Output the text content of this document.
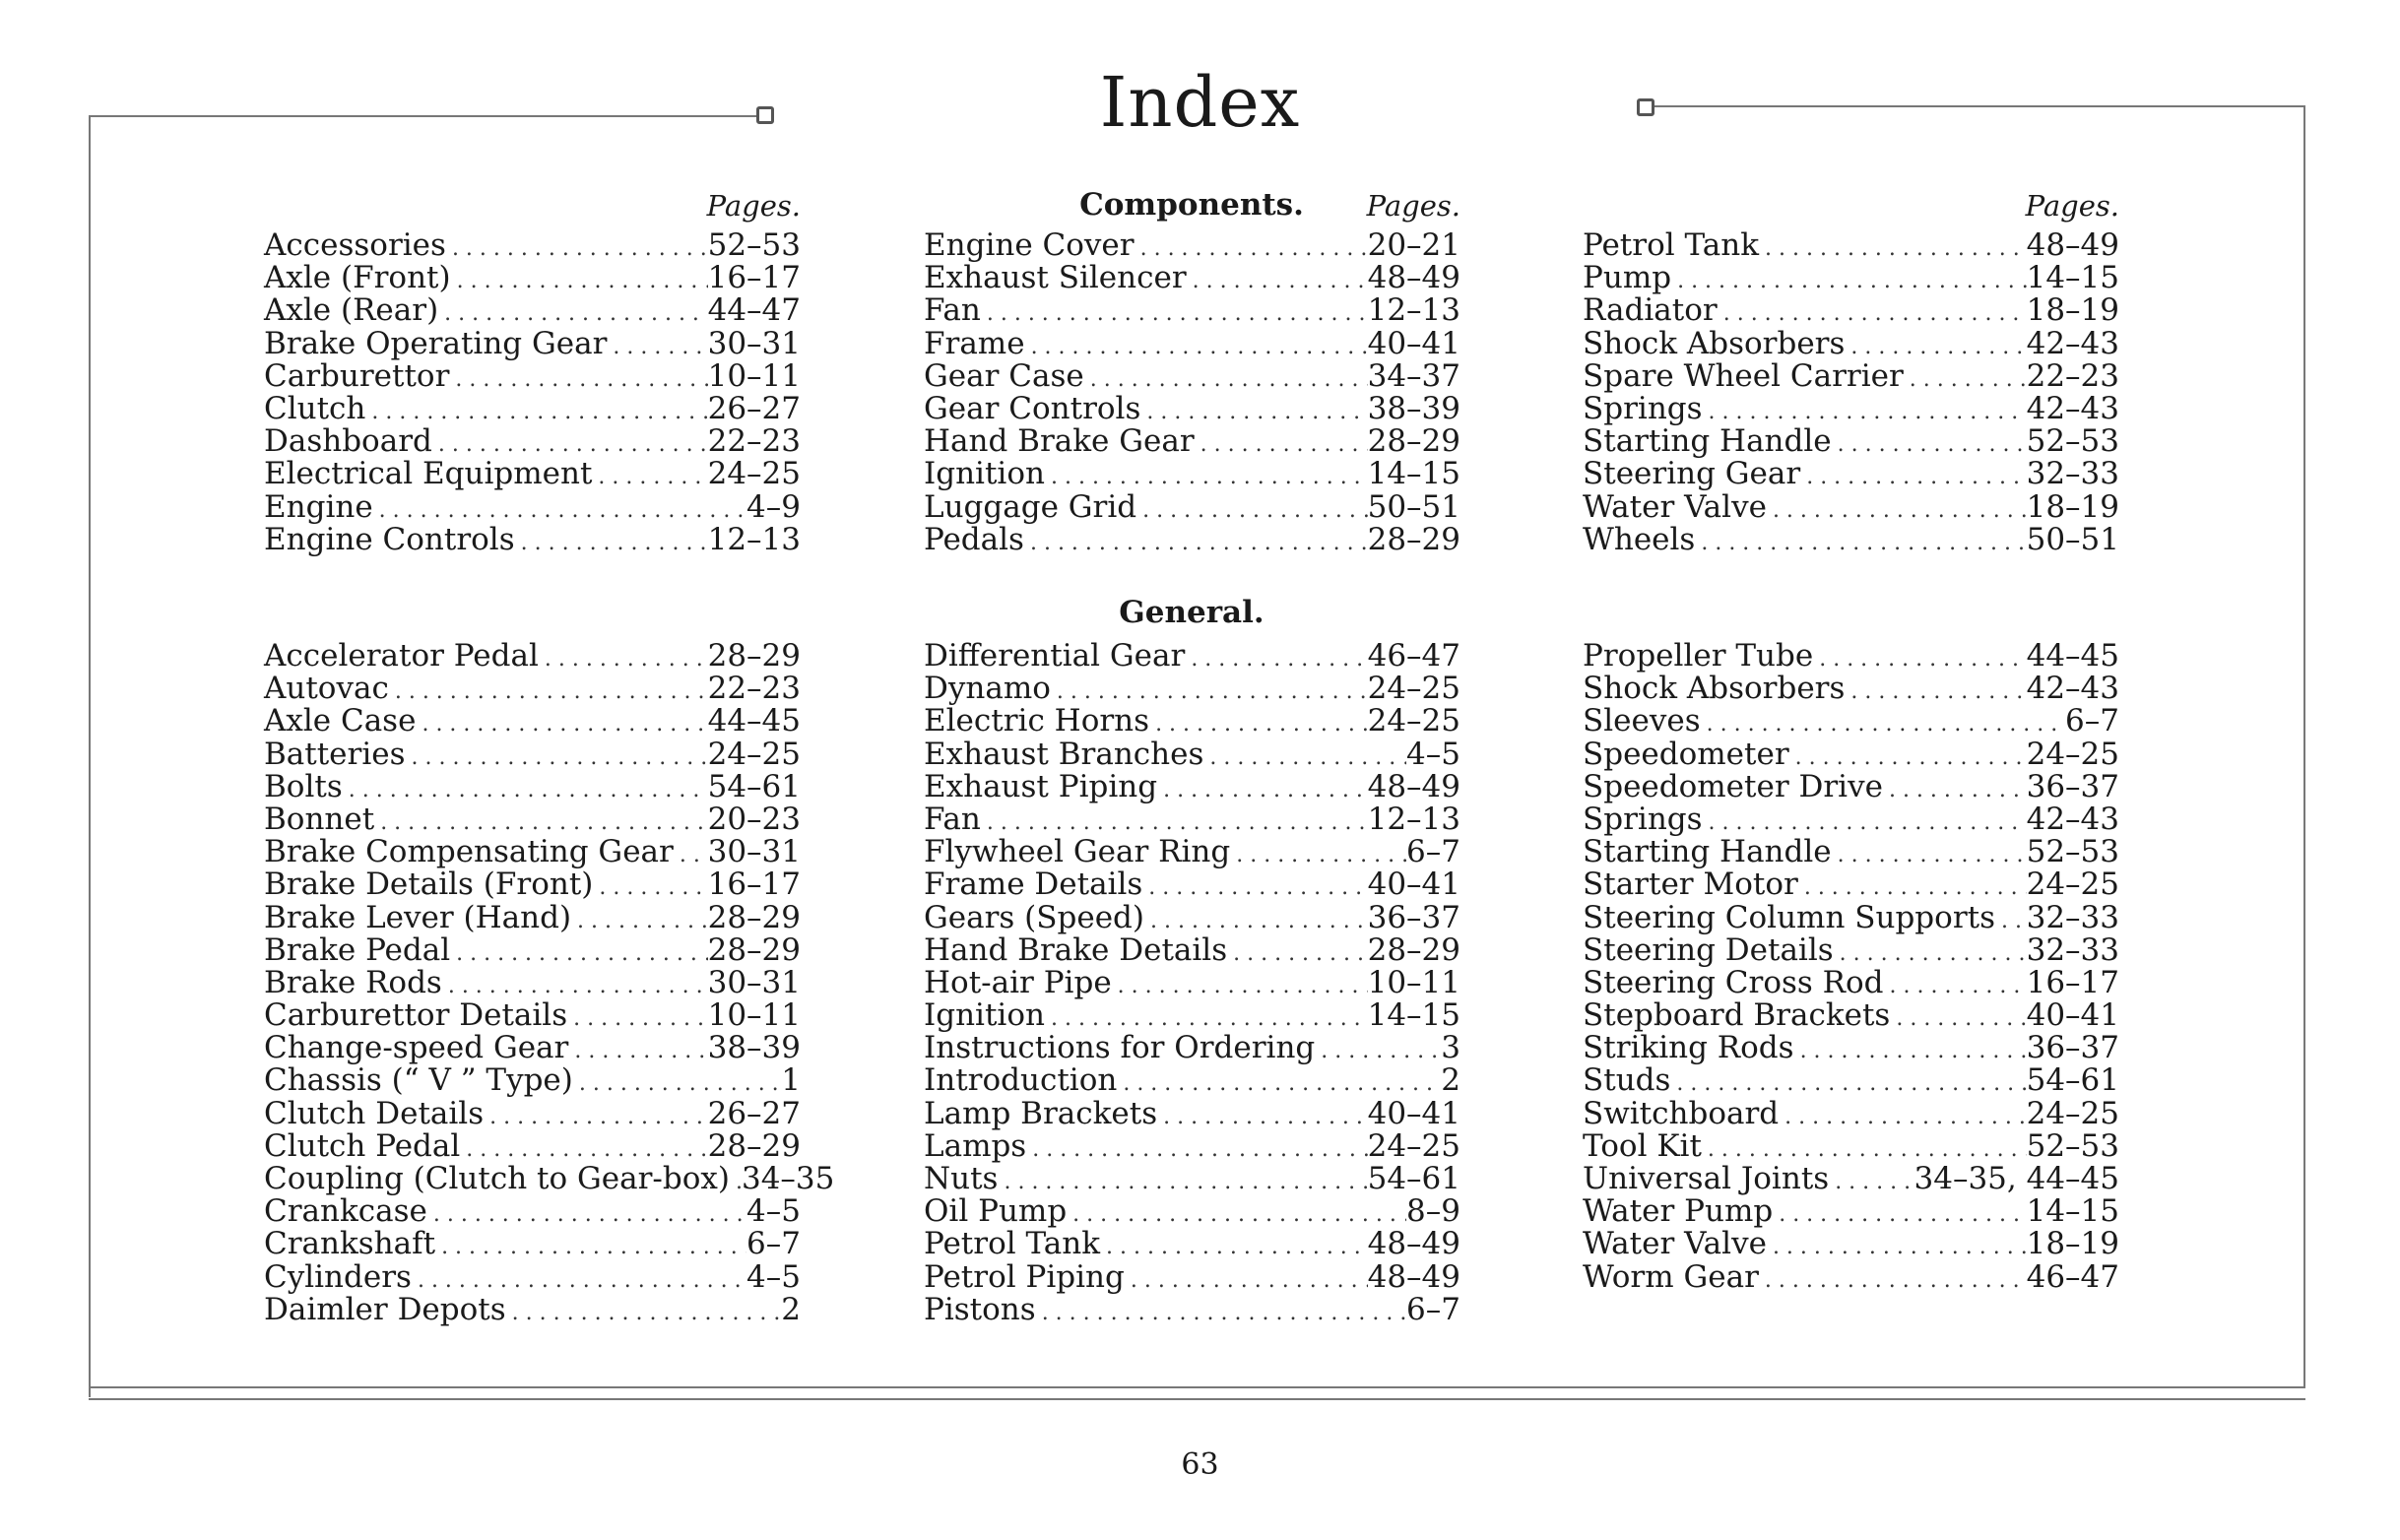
Index
Components.
General.
Pages.
Accessories . . .	52–53
Axle (Front) . . .	16–17
Axle (Rear) . . .	44–47
Brake Operating Gear . . .	30–31
Carburettor . . .	10–11
Clutch . . .	26–27
Dashboard . . .	22–23
Electrical Equipment . . .	24–25
Engine . . .	4–9
Engine Controls . . .	12–13
Accelerator Pedal . . .	28–29
Autovac . . .	22–23
Axle Case . . .	44–45
Batteries . . .	24–25
Bolts . . .	54–61
Bonnet . . .	20–23
Brake Compensating Gear . . . 30–31
Brake Details (Front) . . .	16–17
Brake Lever (Hand) . . .	28–29
Brake Pedal . . .	28–29
Brake Rods . . .	30–31
Carburettor Details . . .	10–11
Change-speed Gear . . .	38–39
Chassis (“ V ” Type) . . .	1
Clutch Details . . .	26–27
Clutch Pedal . . .	28–29
Coupling (Clutch to Gear-box) . . . 34–35
Crankcase . . .	4–5
Crankshaft . . .	6–7
Cylinders . . .	4–5
Daimler Depots . . .	2
Pages.
Engine Cover . . .	20–21
Exhaust Silencer . . .	48–49
Fan . . .	12–13
Frame . . .	40–41
Gear Case . . .	34–37
Gear Controls . . .	38–39
Hand Brake Gear . . .	28–29
Ignition . . .	14–15
Luggage Grid . . .	50–51
Pedals . . .	28–29
Differential Gear . . .	46–47
Dynamo . . .	24–25
Electric Horns . . .	24–25
Exhaust Branches . . .	4–5
Exhaust Piping . . .	48–49
Fan . . .	12–13
Flywheel Gear Ring . . .	6–7
Frame Details . . .	40–41
Gears (Speed) . . .	36–37
Hand Brake Details . . .	28–29
Hot-air Pipe . . .	10–11
Ignition . . .	14–15
Instructions for Ordering . . .	3
Introduction . . .	2
Lamp Brackets . . .	40–41
Lamps . . .	24–25
Nuts . . .	54–61
Oil Pump . . .	8–9
Petrol Tank . . .	48–49
Petrol Piping . . .	48–49
Pistons . . .	6–7
Pages.
Petrol Tank . . .	48–49
Pump . . .	14–15
Radiator . . .	18–19
Shock Absorbers . . .	42–43
Spare Wheel Carrier . . .	22–23
Springs . . .	42–43
Starting Handle . . .	52–53
Steering Gear . . .	32–33
Water Valve . . .	18–19
Wheels . . .	50–51
Propeller Tube . . .	44–45
Shock Absorbers . . .	42–43
Sleeves . . .	6–7
Speedometer . . .	24–25
Speedometer Drive . . .	36–37
Springs . . .	42–43
Starting Handle . . .	52–53
Starter Motor . . .	24–25
Steering Column Supports . . . 32–33
Steering Details . . .	32–33
Steering Cross Rod . . .	16–17
Stepboard Brackets . . .	40–41
Striking Rods . . .	36–37
Studs . . .	54–61
Switchboard . . .	24–25
Tool Kit . . .	52–53
Universal Joints . . .	34–35, 44–45
Water Pump . . .	14–15
Water Valve . . .	18–19
Worm Gear . . .	46–47
63
